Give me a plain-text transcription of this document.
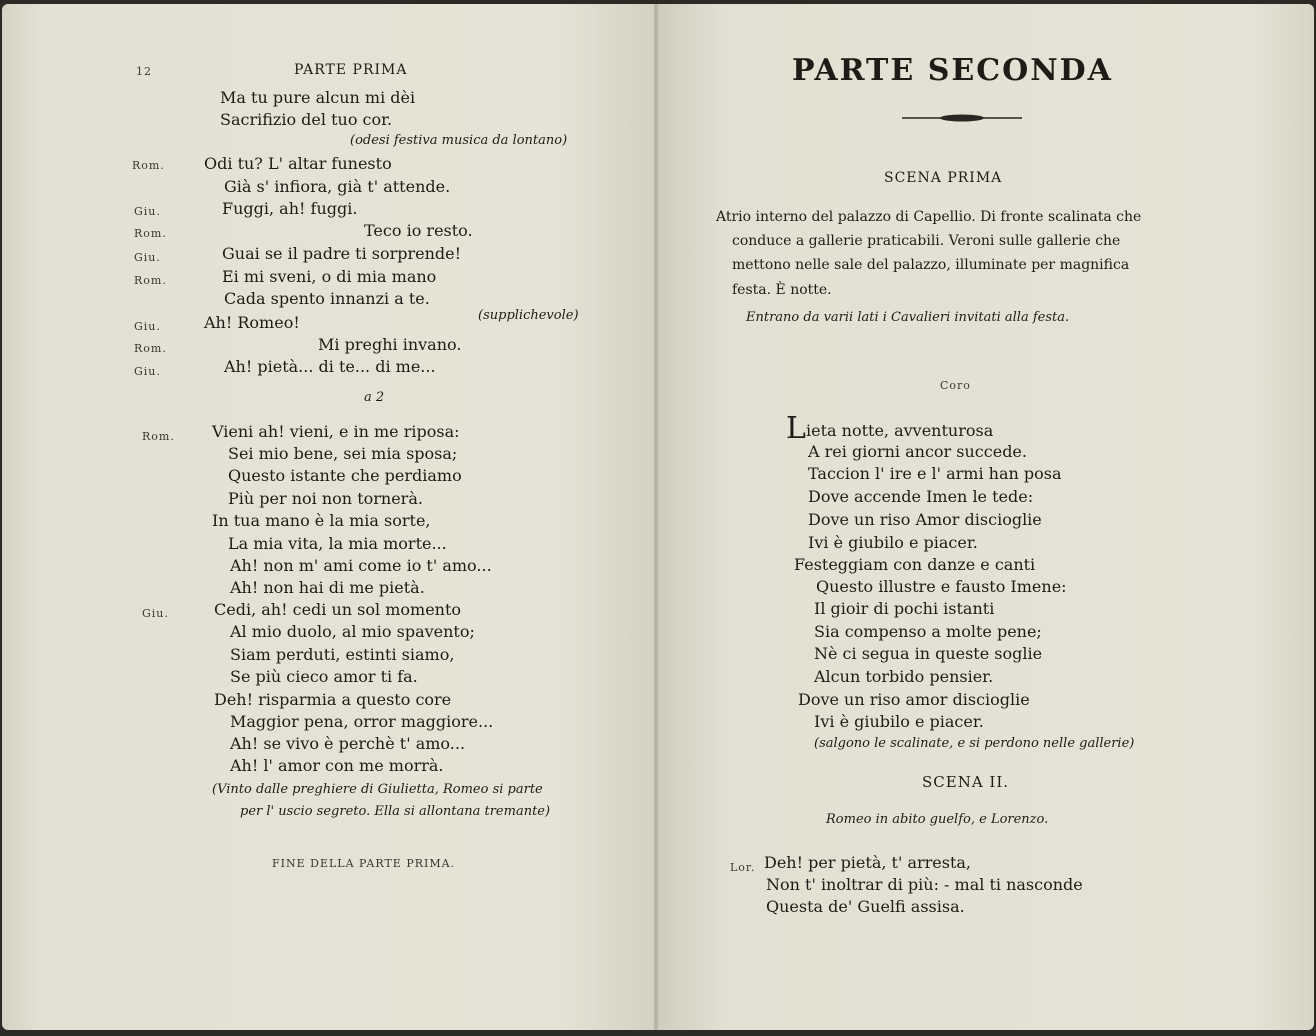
12	PARTE PRIMA
Ma tu pure alcun mi dèi
Sacrifizio del tuo cor.
(odesi festiva musica da lontano)
Rom. Odi tu? L' altar funesto
Già s' infiora, già t' attende.
Giu.	Fuggi, ah! fuggi.
Rom.	Teco io resto.
Giu.	Guai se il padre ti sorprende!
Rom.	Ei mi sveni, o di mia mano
Cada spento innanzi a te.
Giu.	Ah! Romeo!	(supplichevole)
Rom.	Mi preghi invano.
Giu.	Ah! pietà... di te... di me...
a 2
Rom. Vieni ah! vieni, e in me riposa:
Sei mio bene, sei mia sposa;
Questo istante che perdiamo
Più per noi non tornerà.
In tua mano è la mia sorte,
La mia vita, la mia morte...
Ah! non m' ami come io t' amo...
Ah! non hai di me pietà.
Giu.	Cedi, ah! cedi un sol momento
Al mio duolo, al mio spavento;
Siam perduti, estinti siamo,
Se più cieco amor ti fa.
Deh! risparmia a questo core
Maggior pena, orror maggiore...
Ah! se vivo è perchè t' amo...
Ah! l' amor con me morrà.
(Vinto dalle preghiere di Giulietta, Romeo si parte
per l' uscio segreto. Ella si allontana tremante)
FINE DELLA PARTE PRIMA.
PARTE SECONDA
SCENA PRIMA
Atrio interno del palazzo di Capellio. Di fronte scalinata che
conduce a gallerie praticabili. Veroni sulle gallerie che
mettono nelle sale del palazzo, illuminate per magnifica
festa. È notte.
Entrano da varii lati i Cavalieri invitati alla festa.
Coro
L ieta notte, avventurosa
A rei giorni ancor succede.
Taccion l' ire e l' armi han posa
Dove accende Imen le tede:
Dove un riso Amor discioglie
Ivi è giubilo e piacer.
Festeggiam con danze e canti
Questo illustre e fausto Imene:
Il gioir di pochi istanti
Sia compenso a molte pene;
Nè ci segua in queste soglie
Alcun torbido pensier.
Dove un riso amor discioglie
Ivi è giubilo e piacer.
(salgono le scalinate, e si perdono nelle gallerie)
SCENA II.
Romeo in abito guelfo, e Lorenzo.
Lor. Deh! per pietà, t' arresta,
Non t' inoltrar di più: - mal ti nasconde
Questa de' Guelfi assisa.
